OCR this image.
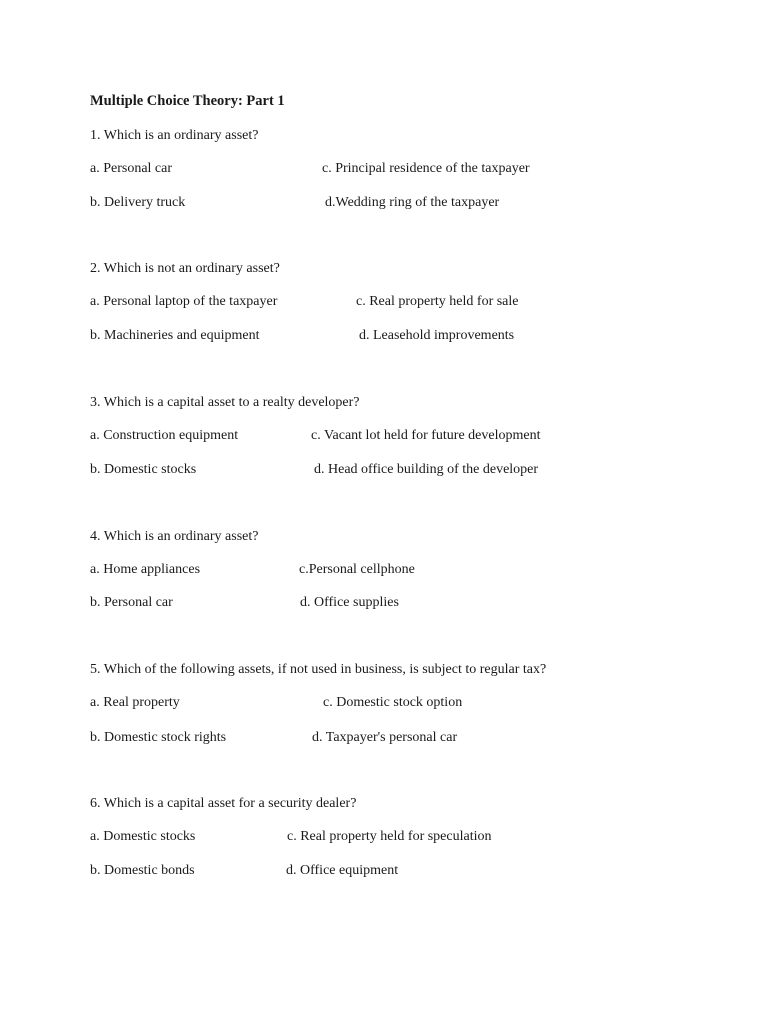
Multiple Choice Theory: Part 1
1. Which is an ordinary asset?
a. Personal car	c. Principal residence of the taxpayer
b. Delivery truck	d.Wedding ring of the taxpayer
2. Which is not an ordinary asset?
a. Personal laptop of the taxpayer	c. Real property held for sale
b. Machineries and equipment	d. Leasehold improvements
3. Which is a capital asset to a realty developer?
a. Construction equipment	c. Vacant lot held for future development
b. Domestic stocks	d. Head office building of the developer
4. Which is an ordinary asset?
a. Home appliances	c.Personal cellphone
b. Personal car	d. Office supplies
5. Which of the following assets, if not used in business, is subject to regular tax?
a. Real property	c. Domestic stock option
b. Domestic stock rights	d. Taxpayer's personal car
6. Which is a capital asset for a security dealer?
a. Domestic stocks	c. Real property held for speculation
b. Domestic bonds	d. Office equipment
